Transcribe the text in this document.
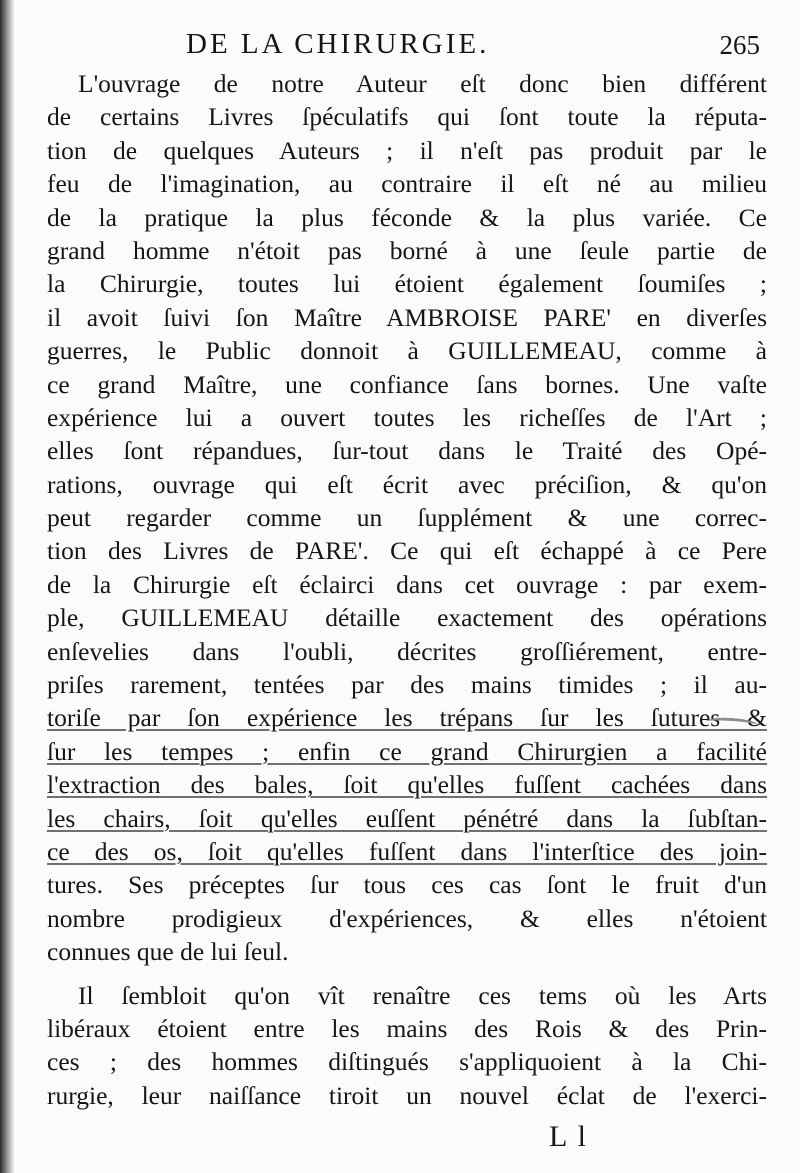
DE LA CHIRURGIE.	265
L'ouvrage de notre Auteur eſt donc bien différent
de certains Livres ſpéculatifs qui ſont toute la réputa-
tion de quelques Auteurs ; il n'eſt pas produit par le
feu de l'imagination, au contraire il eſt né au milieu
de la pratique la plus féconde & la plus variée. Ce
grand homme n'étoit pas borné à une ſeule partie de
la Chirurgie, toutes lui étoient également ſoumiſes ;
il avoit ſuivi ſon Maître AMBROISE PARE' en diverſes
guerres, le Public donnoit à GUILLEMEAU, comme à
ce grand Maître, une confiance ſans bornes. Une vaſte
expérience lui a ouvert toutes les richeſſes de l'Art ;
elles ſont répandues, ſur-tout dans le Traité des Opé-
rations, ouvrage qui eſt écrit avec préciſion, & qu'on
peut regarder comme un ſupplément & une correc-
tion des Livres de PARE'. Ce qui eſt échappé à ce Pere
de la Chirurgie eſt éclairci dans cet ouvrage : par exem-
ple, GUILLEMEAU détaille exactement des opérations
enſevelies dans l'oubli, décrites groſſiérement, entre-
priſes rarement, tentées par des mains timides ; il au-
toriſe par ſon expérience les trépans ſur les ſutures &
ſur les tempes ; enfin ce grand Chirurgien a facilité
l'extraction des bales, ſoit qu'elles fuſſent cachées dans
les chairs, ſoit qu'elles euſſent pénétré dans la ſubſtan-
ce des os, ſoit qu'elles fuſſent dans l'interſtice des join-
tures. Ses préceptes ſur tous ces cas ſont le fruit d'un
nombre prodigieux d'expériences, & elles n'étoient
connues que de lui ſeul.
Il ſembloit qu'on vît renaître ces tems où les Arts
libéraux étoient entre les mains des Rois & des Prin-
ces ; des hommes diſtingués s'appliquoient à la Chi-
rurgie, leur naiſſance tiroit un nouvel éclat de l'exerci-
L l
